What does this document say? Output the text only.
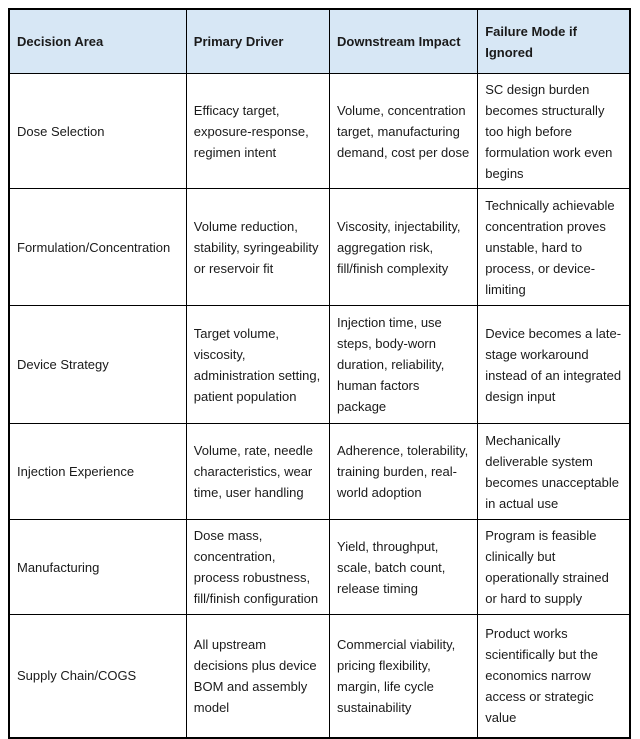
Decision Area	Primary Driver	Downstream Impact	Failure Mode if Ignored
Dose Selection	Efficacy target, exposure-response, regimen intent	Volume, concentration target, manufacturing demand, cost per dose	SC design burden becomes structurally too high before formulation work even begins
Formulation/Concentration	Volume reduction, stability, syringeability or reservoir fit	Viscosity, injectability, aggregation risk, fill/finish complexity	Technically achievable concentration proves unstable, hard to process, or device-limiting
Device Strategy	Target volume, viscosity, administration setting, patient population	Injection time, use steps, body-worn duration, reliability, human factors package	Device becomes a late-stage workaround instead of an integrated design input
Injection Experience	Volume, rate, needle characteristics, wear time, user handling	Adherence, tolerability, training burden, real-world adoption	Mechanically deliverable system becomes unacceptable in actual use
Manufacturing	Dose mass, concentration, process robustness, fill/finish configuration	Yield, throughput, scale, batch count, release timing	Program is feasible clinically but operationally strained or hard to supply
Supply Chain/COGS	All upstream decisions plus device BOM and assembly model	Commercial viability, pricing flexibility, margin, life cycle sustainability	Product works scientifically but the economics narrow access or strategic value
